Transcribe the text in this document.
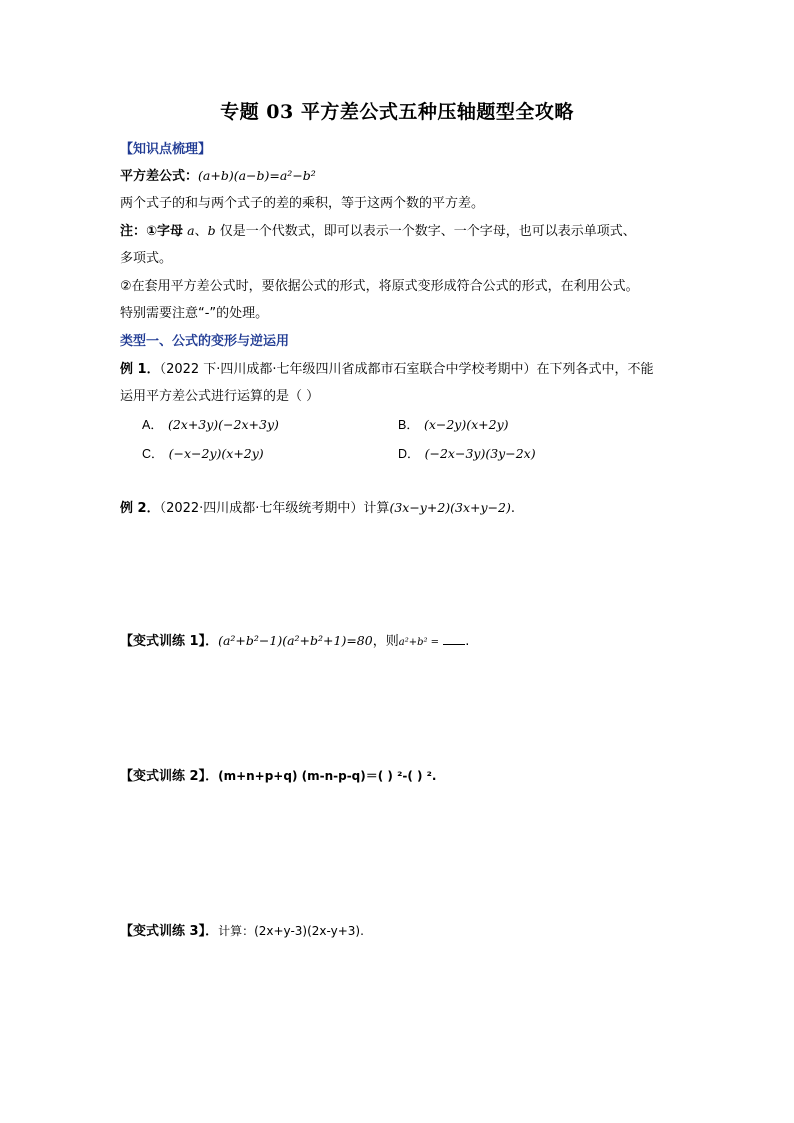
专题 03 平方差公式五种压轴题型全攻略
【知识点梳理】
平方差公式：(a+b)(a−b)=a²−b²
两个式子的和与两个式子的差的乘积，等于这两个数的平方差。
注：①字母 a、b 仅是一个代数式，即可以表示一个数字、一个字母，也可以表示单项式、
多项式。
②在套用平方差公式时，要依据公式的形式，将原式变形成符合公式的形式，在利用公式。
特别需要注意“-”的处理。
类型一、公式的变形与逆运用
例 1．（2022 下·四川成都·七年级四川省成都市石室联合中学校考期中）在下列各式中，不能
运用平方差公式进行运算的是（ ）
A． (2x+3y)(−2x+3y)	B． (x−2y)(x+2y)
C． (−x−2y)(x+2y)	D． (−2x−3y)(3y−2x)
例 2．（2022·四川成都·七年级统考期中）计算(3x−y+2)(3x+y−2).
【变式训练 1】．(a²+b²−1)(a²+b²+1)=80，则a²+b² = .
【变式训练 2】．(m+n+p+q) (m-n-p-q)＝( ) ²-( ) ².
【变式训练 3】．计算：(2x+y-3)(2x-y+3).
